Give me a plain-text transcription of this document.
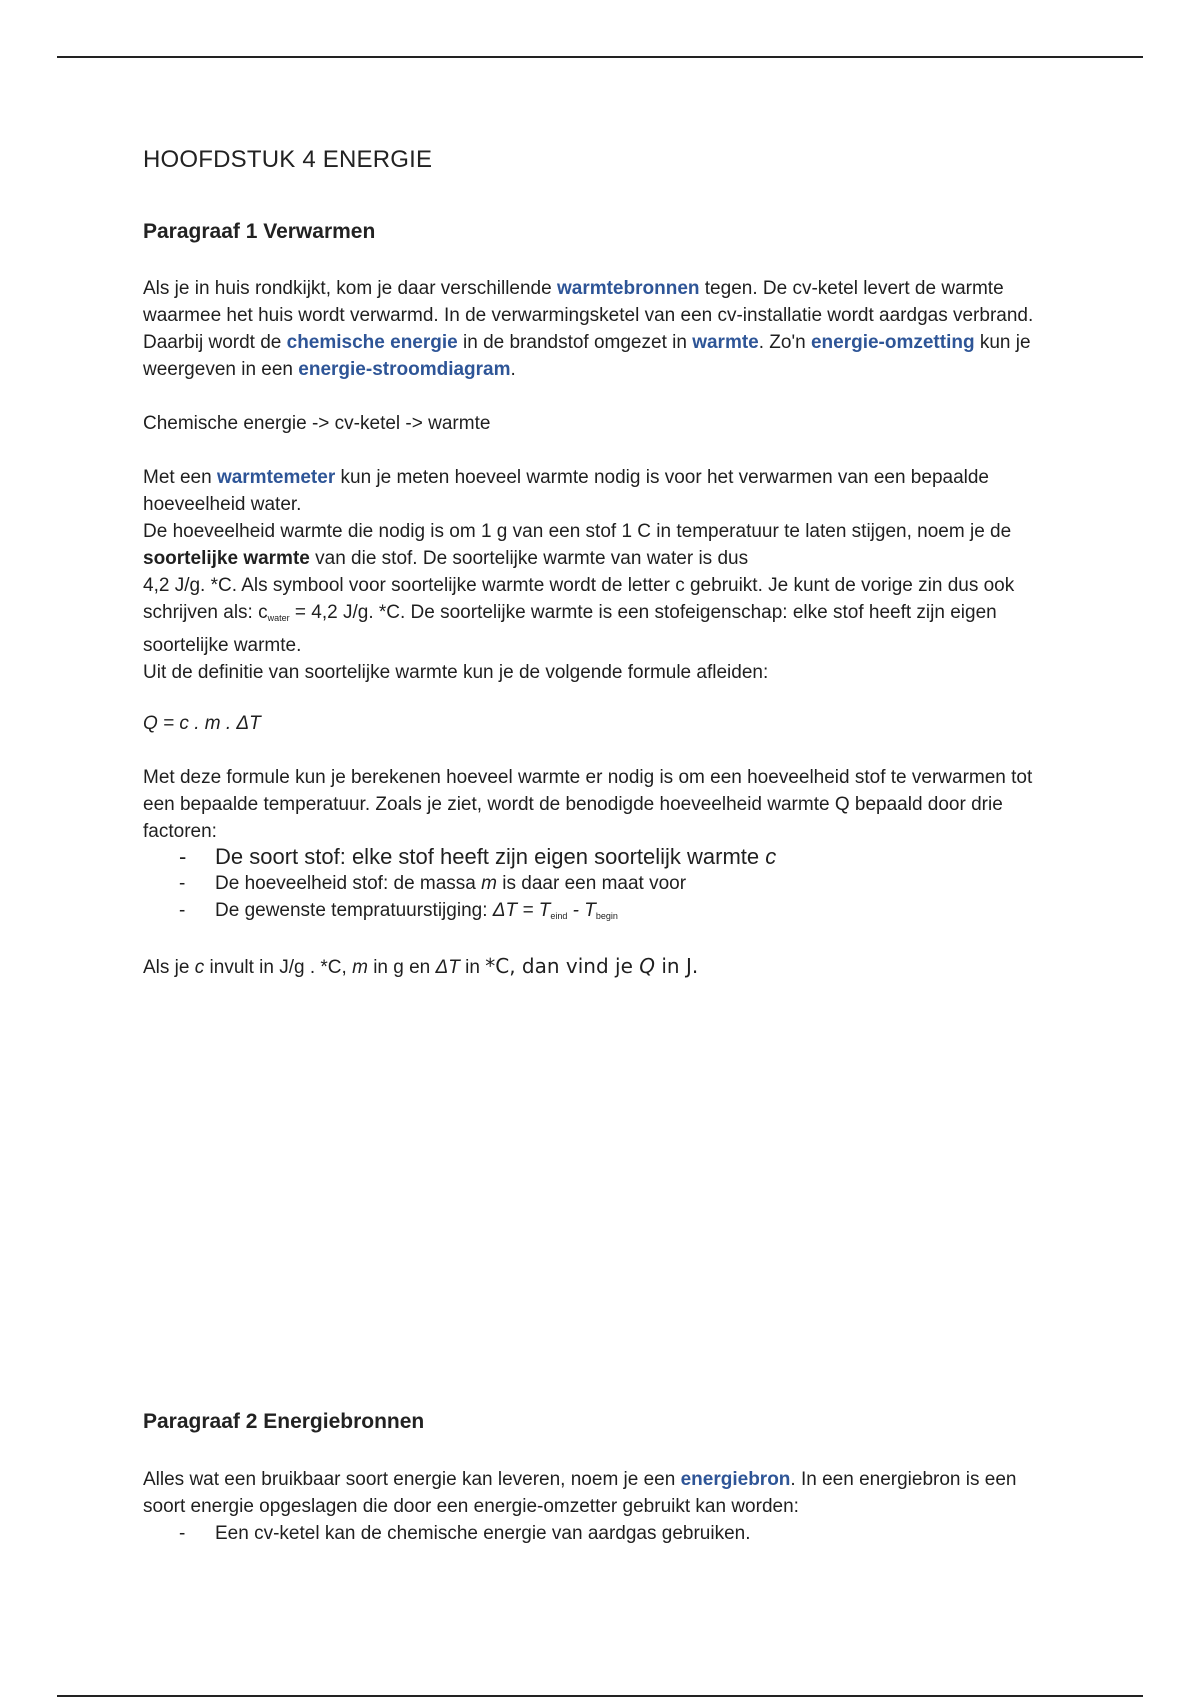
HOOFDSTUK 4 ENERGIE
Paragraaf 1 Verwarmen

Als je in huis rondkijkt, kom je daar verschillende warmtebronnen tegen. De cv-ketel levert de warmte waarmee het huis wordt verwarmd. In de verwarmingsketel van een cv-installatie wordt aardgas verbrand. Daarbij wordt de chemische energie in de brandstof omgezet in warmte. Zo'n energie-omzetting kun je weergeven in een energie-stroomdiagram.

Chemische energie -> cv-ketel -> warmte

Met een warmtemeter kun je meten hoeveel warmte nodig is voor het verwarmen van een bepaalde hoeveelheid water.
De hoeveelheid warmte die nodig is om 1 g van een stof 1 C in temperatuur te laten stijgen, noem je de soortelijke warmte van die stof. De soortelijke warmte van water is dus
4,2 J/g. *C. Als symbool voor soortelijke warmte wordt de letter c gebruikt. Je kunt de vorige zin dus ook schrijven als: $c_{water} = 4,2$ J/g. *C. De soortelijke warmte is een stofeigenschap: elke stof heeft zijn eigen soortelijke warmte.
Uit de definitie van soortelijke warmte kun je de volgende formule afleiden:

Q = c . m . ΔT

Met deze formule kun je berekenen hoeveel warmte er nodig is om een hoeveelheid stof te verwarmen tot een bepaalde temperatuur. Zoals je ziet, wordt de benodigde hoeveelheid warmte Q bepaald door drie factoren:

- De soort stof: elke stof heeft zijn eigen soortelijk warmte c
- De hoeveelheid stof: de massa m is daar een maat voor
- De gewenste tempratuurstijging: $\Delta T = T_{eind} - T_{begin}$

Als je c invult in J/g . *C, m in g en ΔT in *C, dan vind je Q in J.

Paragraaf 2 Energiebronnen

Alles wat een bruikbaar soort energie kan leveren, noem je een energiebron. In een energiebron is een soort energie opgeslagen die door een energie-omzetter gebruikt kan worden:

- Een cv-ketel kan de chemische energie van aardgas gebruiken.
